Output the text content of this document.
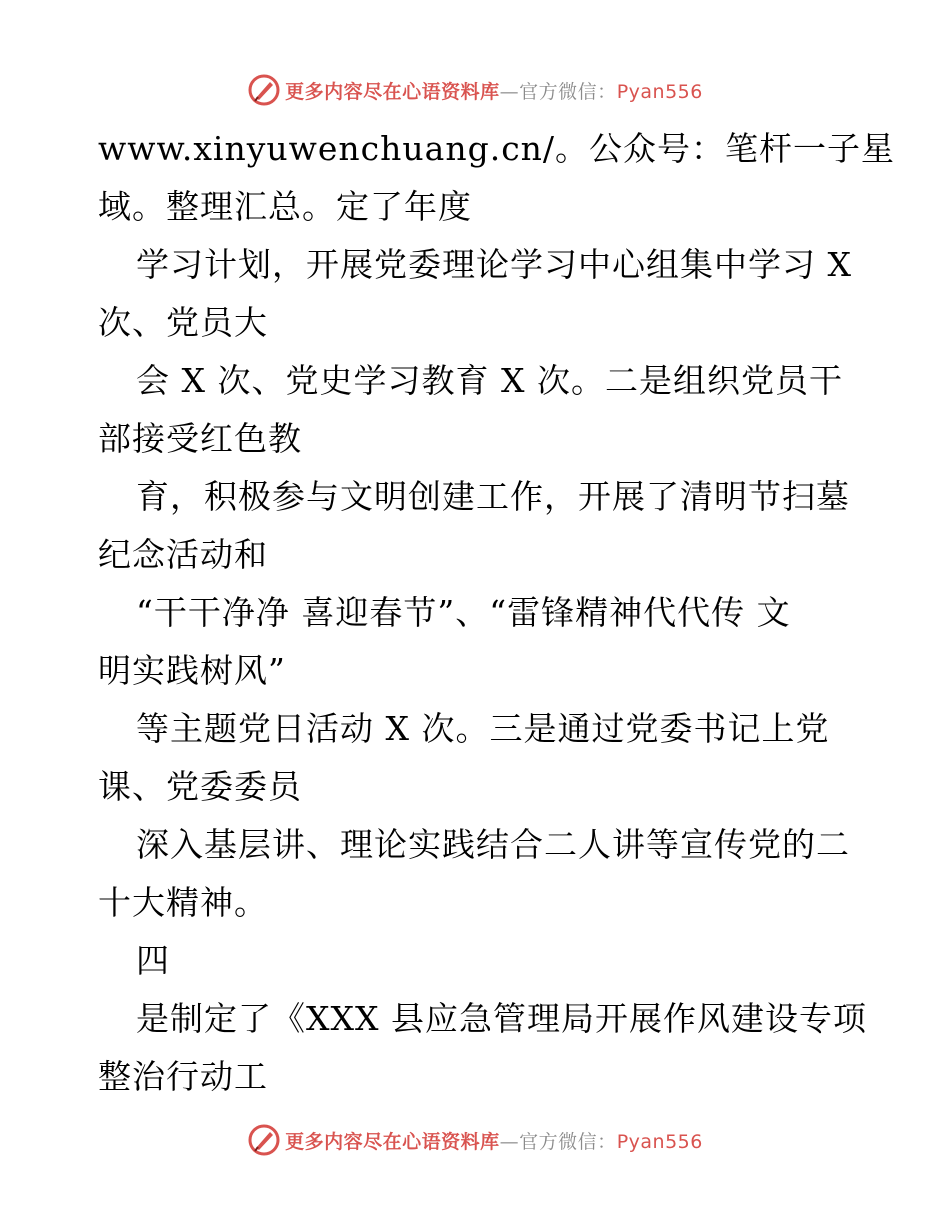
更多内容尽在心语资料库—官方微信：Pyan556
www.xinyuwenchuang.cn/。公众号：笔杆一子星
域。整理汇总。定了年度
学习计划，开展党委理论学习中心组集中学习 X
次、党员大
会 X 次、党史学习教育 X 次。二是组织党员干
部接受红色教
育，积极参与文明创建工作，开展了清明节扫墓
纪念活动和
“干干净净 喜迎春节”、“雷锋精神代代传 文
明实践树风”
等主题党日活动 X 次。三是通过党委书记上党
课、党委委员
深入基层讲、理论实践结合二人讲等宣传党的二
十大精神。
四
是制定了《XXX 县应急管理局开展作风建设专项
整治行动工
更多内容尽在心语资料库—官方微信：Pyan556
